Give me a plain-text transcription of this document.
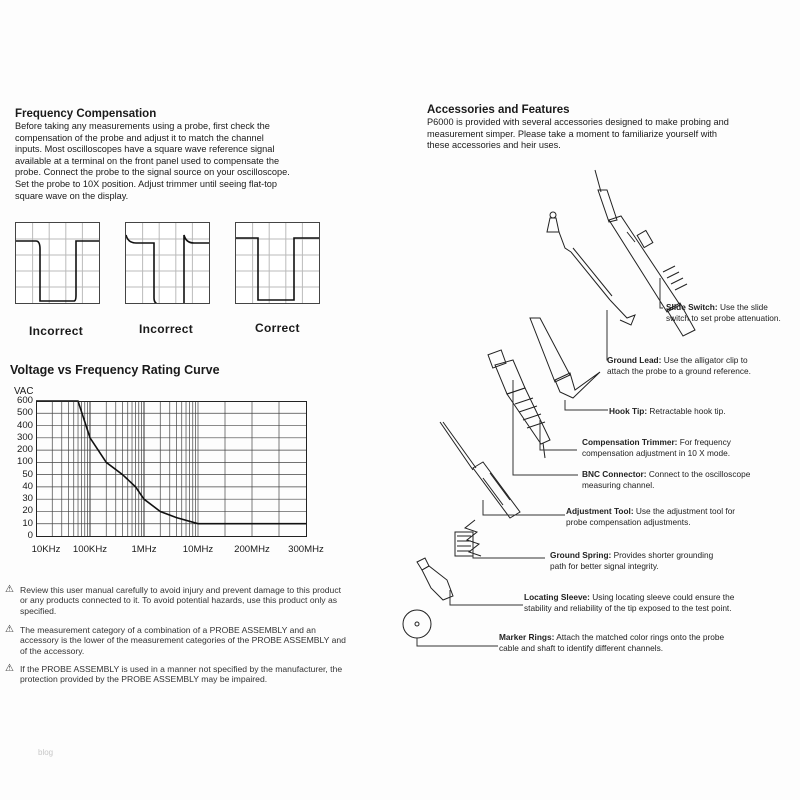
Frequency Compensation
Before taking any measurements using a probe, first check the
compensation of the probe and adjust it to match the channel
inputs. Most oscilloscopes have a square wave reference signal
available at a terminal on the front panel used to compensate the
probe. Connect the probe to the signal source on your oscilloscope.
Set the probe to 10X position. Adjust trimmer until seeing flat-top
square wave on the display.
Incorrect	Incorrect	Correct
Voltage vs Frequency Rating Curve
VAC
600
500
400
300
200
100
50
40
30
20
10
0
10KHz 100KHz	1MHz	10MHz 200MHz 300MHz
⚠ Review this user manual carefully to avoid injury and prevent damage to this product or any products connected to it. To avoid potential hazards, use this product only as specified.
⚠ The measurement category of a combination of a PROBE ASSEMBLY and an accessory is the lower of the measurement categories of the PROBE ASSEMBLY and of the accessory.
⚠ If the PROBE ASSEMBLY is used in a manner not specified by the manufacturer, the protection provided by the PROBE ASSEMBLY may be impaired.
Accessories and Features
P6000 is provided with several accessories designed to make probing and
measurement simper. Please take a moment to familiarize yourself with
these accessories and heir uses.
Slide Switch: Use the slide
switch to set probe attenuation.
Ground Lead: Use the alligator clip to
attach the probe to a ground reference.
Hook Tip: Retractable hook tip.
Compensation Trimmer: For frequency
compensation adjustment in 10 X mode.
BNC Connector: Connect to the oscilloscope
measuring channel.
Adjustment Tool: Use the adjustment tool for
probe compensation adjustments.
Ground Spring: Provides shorter grounding
path for better signal integrity.
Locating Sleeve: Using locating sleeve could ensure the
stability and reliability of the tip exposed to the test point.
Marker Rings: Attach the matched color rings onto the probe
cable and shaft to identify different channels.
blog
